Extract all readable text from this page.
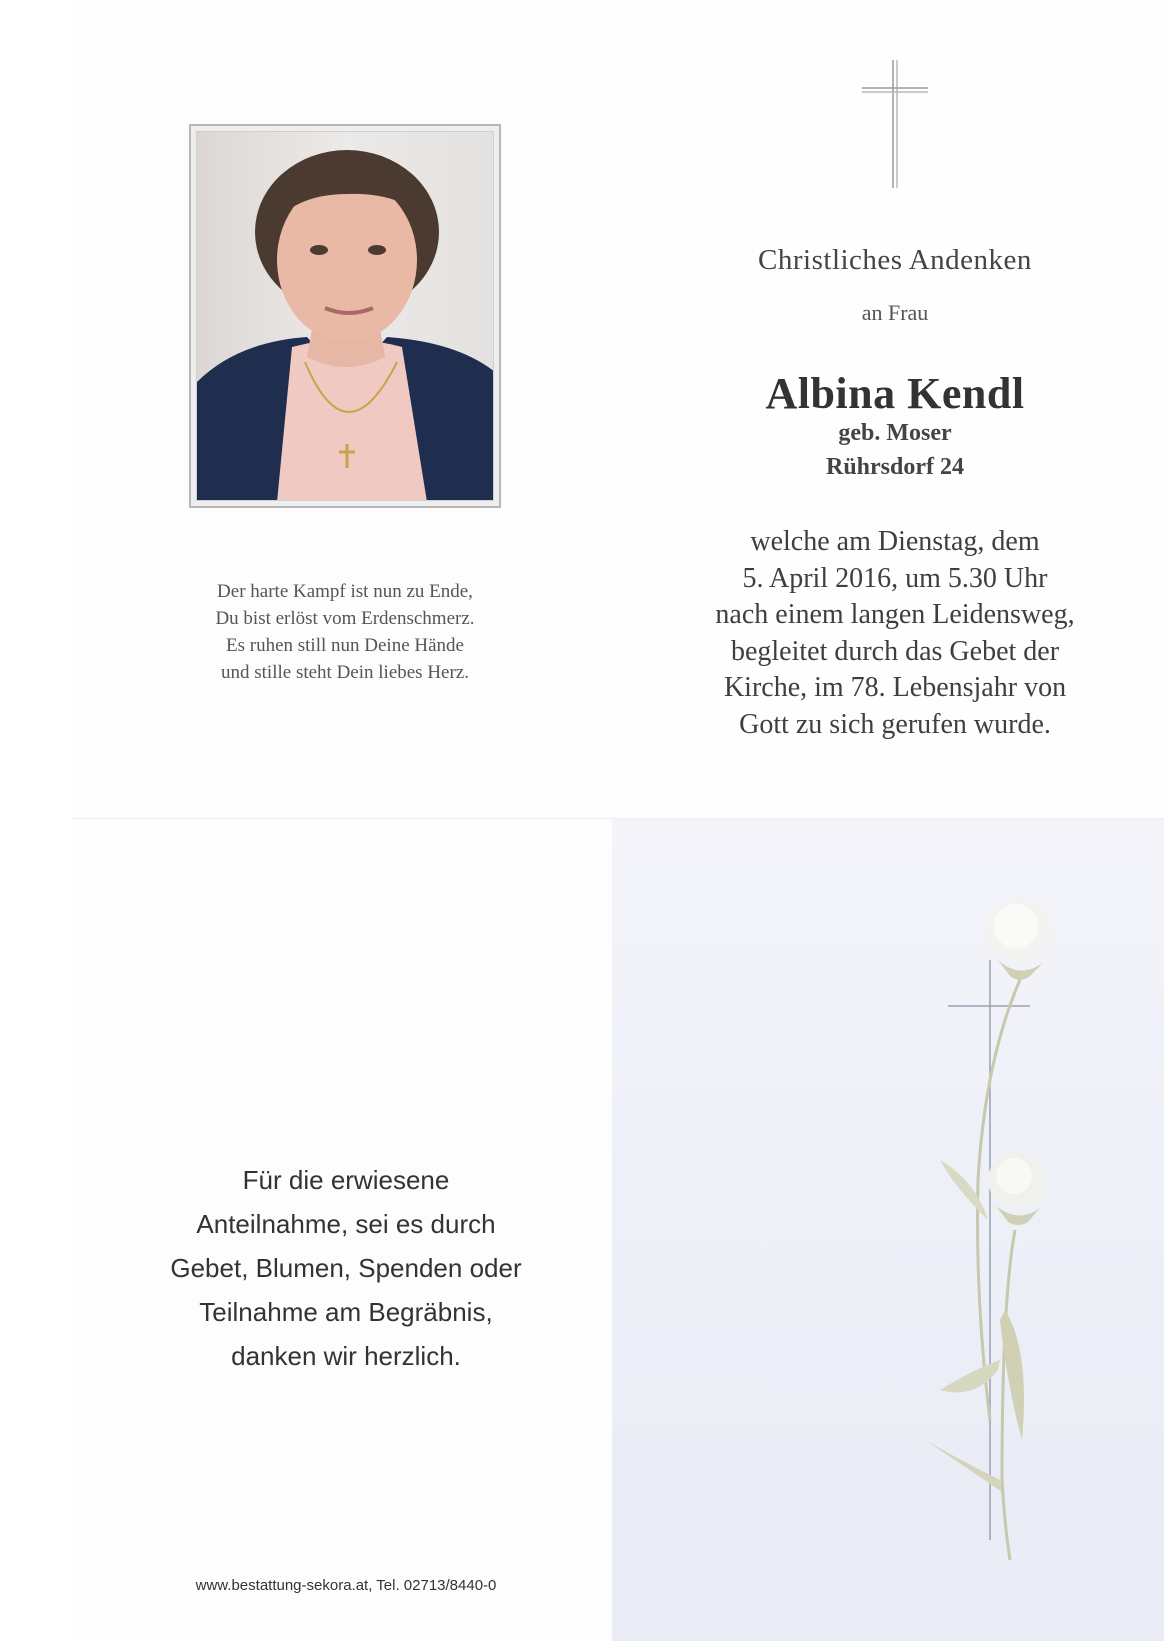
Der harte Kampf ist nun zu Ende,
Du bist erlöst vom Erdenschmerz.
Es ruhen still nun Deine Hände
und stille steht Dein liebes Herz.
Christliches Andenken
an Frau
Albina Kendl
geb. Moser
Rührsdorf 24
welche am Dienstag, dem
5. April 2016, um 5.30 Uhr
nach einem langen Leidensweg,
begleitet durch das Gebet der
Kirche, im 78. Lebensjahr von
Gott zu sich gerufen wurde.
Für die erwiesene
Anteilnahme, sei es durch
Gebet, Blumen, Spenden oder
Teilnahme am Begräbnis,
danken wir herzlich.
www.bestattung-sekora.at, Tel. 02713/8440-0
